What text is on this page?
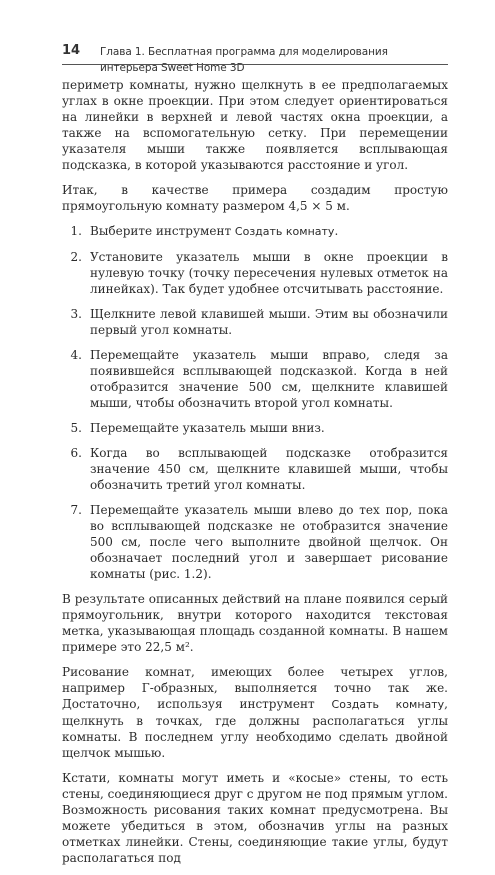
14 Глава 1. Бесплатная программа для моделирования интерьера Sweet Home 3D

периметр комнаты, нужно щелкнуть в ее предполагаемых углах в окне проекции. При этом следует ориентироваться на линейки в верхней и левой частях окна проекции, а также на вспомогательную сетку. При перемещении указателя мыши также появляется всплывающая подсказка, в которой указываются расстояние и угол.

Итак, в качестве примера создадим простую прямоугольную комнату размером 4,5 × 5 м.

1. Выберите инструмент Создать комнату.
2. Установите указатель мыши в окне проекции в нулевую точку (точку пересечения нулевых отметок на линейках). Так будет удобнее отсчитывать расстояние.
3. Щелкните левой клавишей мыши. Этим вы обозначили первый угол комнаты.
4. Перемещайте указатель мыши вправо, следя за появившейся всплывающей подсказкой. Когда в ней отобразится значение 500 см, щелкните клавишей мыши, чтобы обозначить второй угол комнаты.
5. Перемещайте указатель мыши вниз.
6. Когда во всплывающей подсказке отобразится значение 450 см, щелкните клавишей мыши, чтобы обозначить третий угол комнаты.
7. Перемещайте указатель мыши влево до тех пор, пока во всплывающей подсказке не отобразится значение 500 см, после чего выполните двойной щелчок. Он обозначает последний угол и завершает рисование комнаты (рис. 1.2).

В результате описанных действий на плане появился серый прямоугольник, внутри которого находится текстовая метка, указывающая площадь созданной комнаты. В нашем примере это 22,5 м².

Рисование комнат, имеющих более четырех углов, например Г-образных, выполняется точно так же. Достаточно, используя инструмент Создать комнату, щелкнуть в точках, где должны располагаться углы комнаты. В последнем углу необходимо сделать двойной щелчок мышью.

Кстати, комнаты могут иметь и «косые» стены, то есть стены, соединяющиеся друг с другом не под прямым углом. Возможность рисования таких комнат предусмотрена. Вы можете убедиться в этом, обозначив углы на разных отметках линейки. Стены, соединяющие такие углы, будут располагаться под
